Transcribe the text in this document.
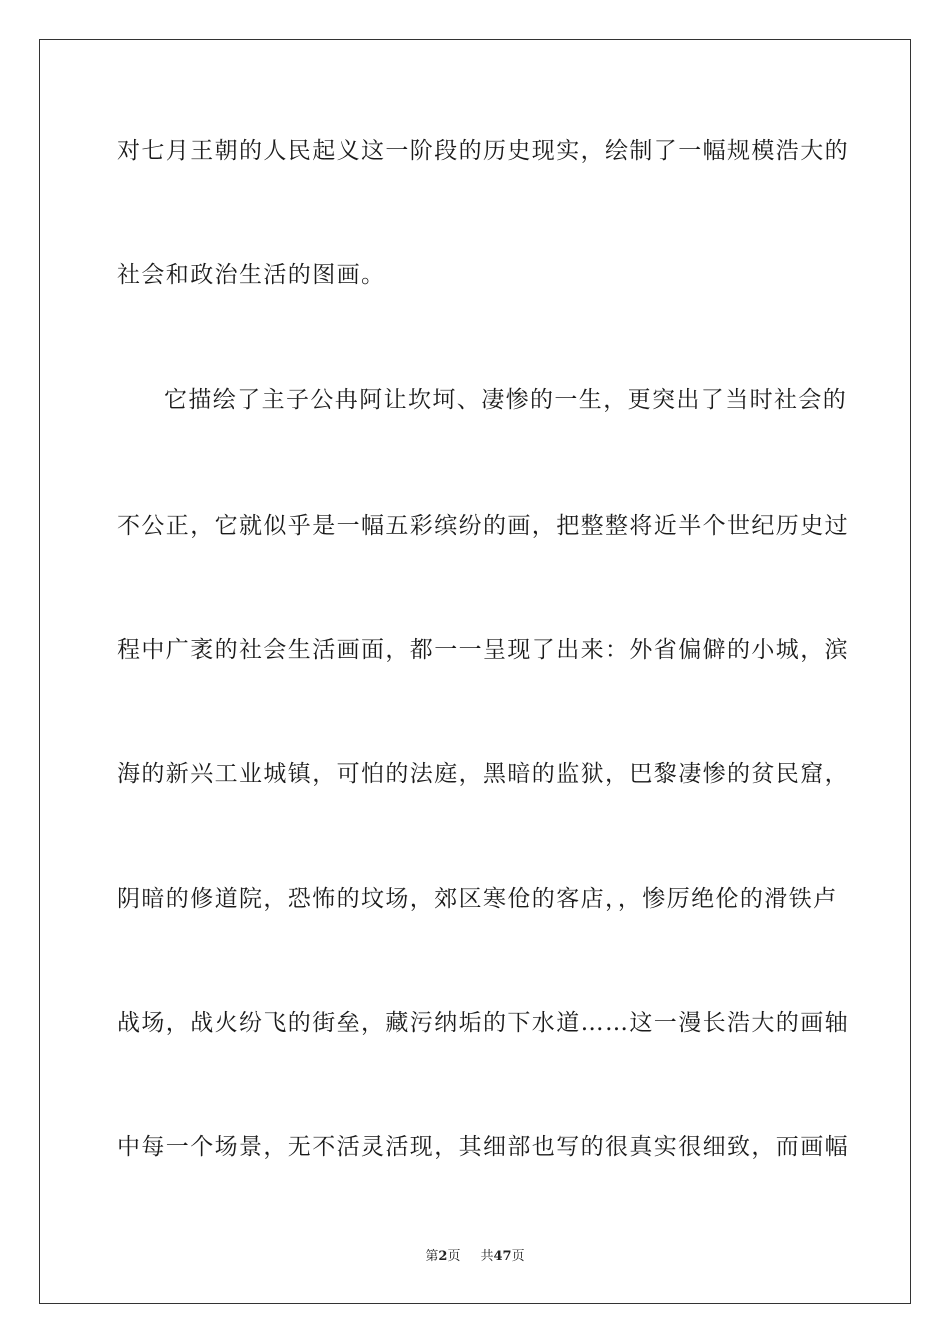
对七月王朝的人民起义这一阶段的历史现实，绘制了一幅规模浩大的
社会和政治生活的图画。
它描绘了主子公冉阿让坎坷、凄惨的一生，更突出了当时社会的
不公正，它就似乎是一幅五彩缤纷的画，把整整将近半个世纪历史过
程中广袤的社会生活画面，都一一呈现了出来：外省偏僻的小城，滨
海的新兴工业城镇，可怕的法庭，黑暗的监狱，巴黎凄惨的贫民窟，
阴暗的修道院，恐怖的坟场，郊区寒伧的客店，，惨厉绝伦的滑铁卢
战场，战火纷飞的街垒，藏污纳垢的下水道……这一漫长浩大的画轴
中每一个场景，无不活灵活现，其细部也写的很真实很细致，而画幅
第2页 共47页
